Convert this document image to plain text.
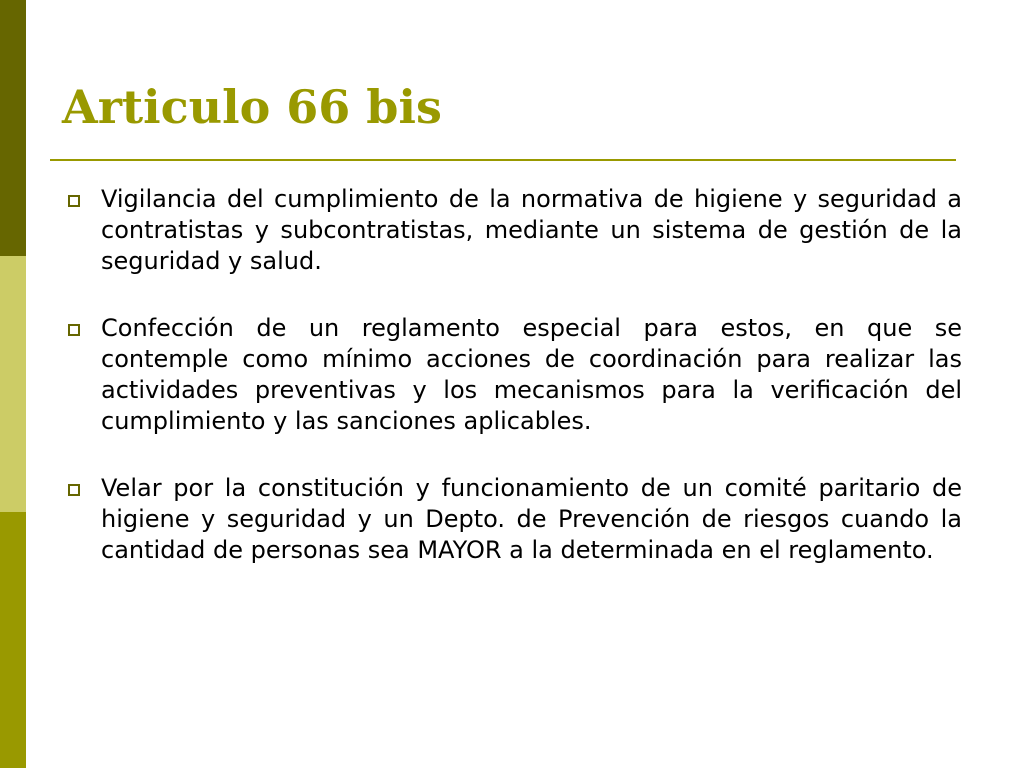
Articulo 66 bis
Vigilancia del cumplimiento de la normativa de higiene y seguridad a contratistas y subcontratistas, mediante un sistema de gestión de la seguridad y salud.
Confección de un reglamento especial para estos, en que se contemple como mínimo acciones de coordinación para realizar las actividades preventivas y los mecanismos para la verificación del cumplimiento y las sanciones aplicables.
Velar por la constitución y funcionamiento de un comité paritario de higiene y seguridad y un Depto. de Prevención de riesgos cuando la cantidad de personas sea MAYOR a la determinada en el reglamento.
